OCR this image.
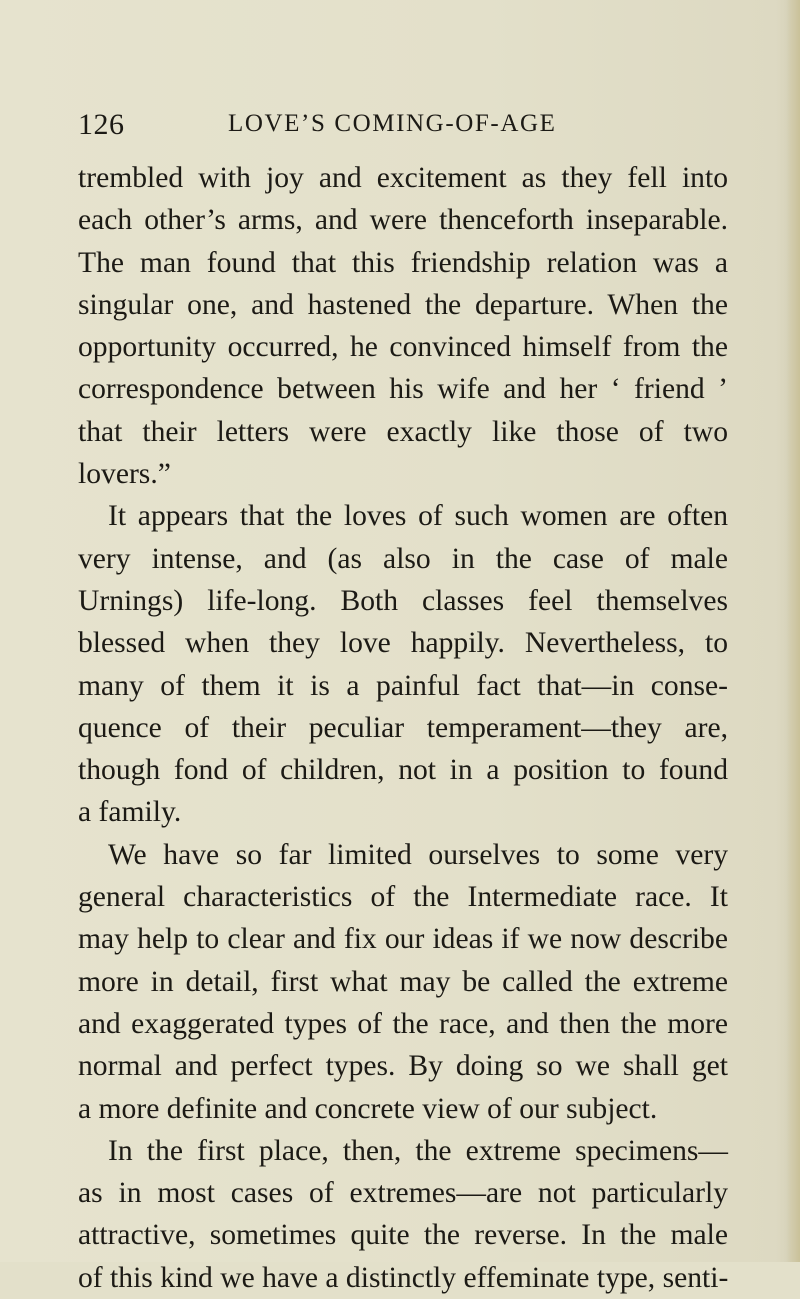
126	LOVE’S COMING-OF-AGE
trembled with joy and excitement as they fell into
each other’s arms, and were thenceforth inseparable.
The man found that this friendship relation was a
singular one, and hastened the departure. When the
opportunity occurred, he convinced himself from the
correspondence between his wife and her ‘ friend ’
that their letters were exactly like those of two
lovers.”
It appears that the loves of such women are often
very intense, and (as also in the case of male
Urnings) life-long. Both classes feel themselves
blessed when they love happily. Nevertheless, to
many of them it is a painful fact that—in conse-
quence of their peculiar temperament—they are,
though fond of children, not in a position to found
a family.
We have so far limited ourselves to some very
general characteristics of the Intermediate race. It
may help to clear and fix our ideas if we now describe
more in detail, first what may be called the extreme
and exaggerated types of the race, and then the more
normal and perfect types. By doing so we shall get
a more definite and concrete view of our subject.
In the first place, then, the extreme specimens—
as in most cases of extremes—are not particularly
attractive, sometimes quite the reverse. In the male
of this kind we have a distinctly effeminate type, senti-
